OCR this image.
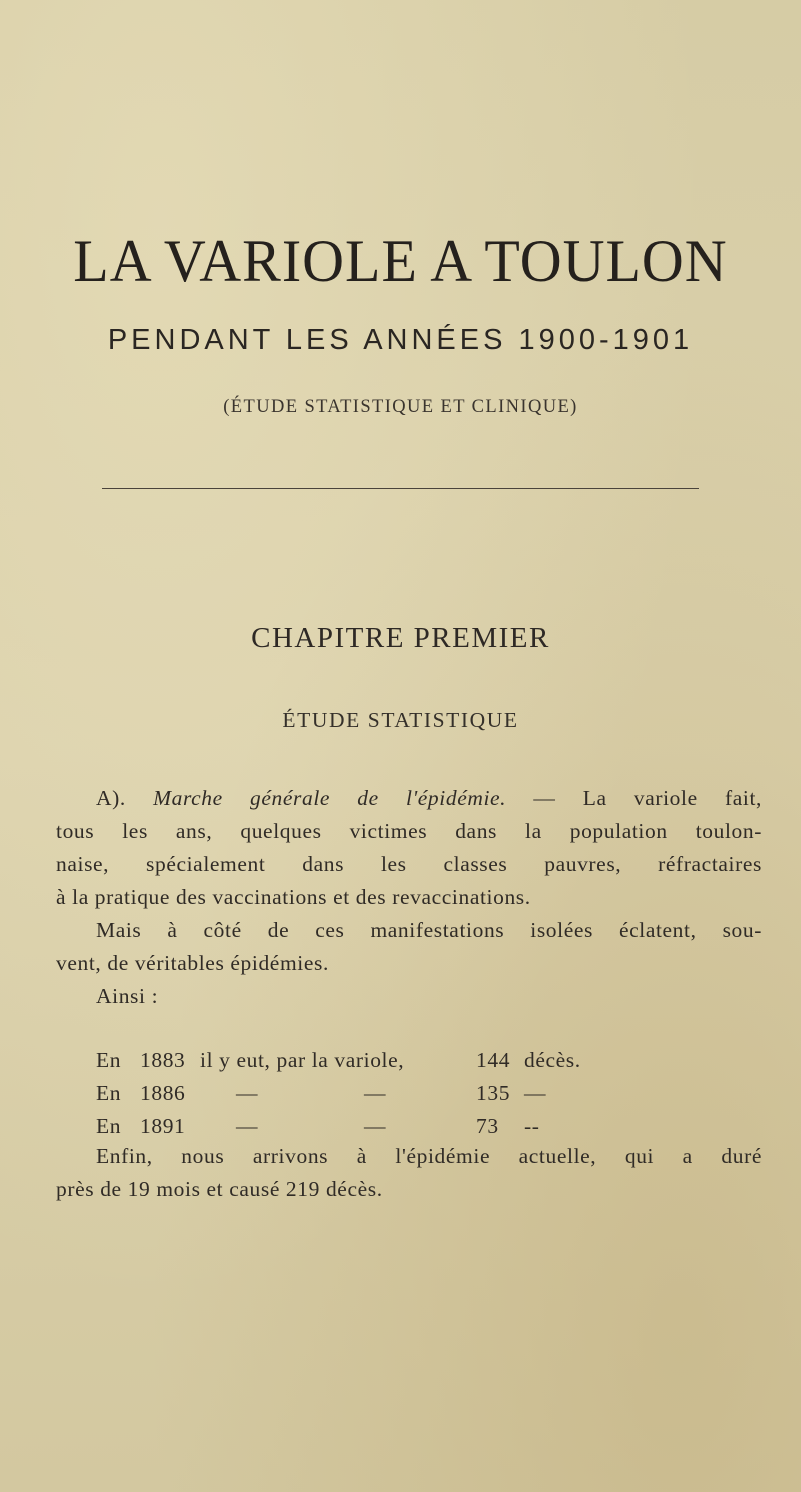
LA VARIOLE A TOULON
PENDANT LES ANNÉES 1900-1901
(ÉTUDE STATISTIQUE ET CLINIQUE)
CHAPITRE PREMIER
ÉTUDE STATISTIQUE
A). Marche générale de l'épidémie. — La variole fait,
tous les ans, quelques victimes dans la population toulon-
naise, spécialement dans les classes pauvres, réfractaires
à la pratique des vaccinations et des revaccinations.
Mais à côté de ces manifestations isolées éclatent, sou-
vent, de véritables épidémies.
Ainsi :
En 1883 il y eut, par la variole,	144 décès.
En 1886 —	—	135 —
En 1891 —	—	73 --
Enfin, nous arrivons à l'épidémie actuelle, qui a duré
près de 19 mois et causé 219 décès.
